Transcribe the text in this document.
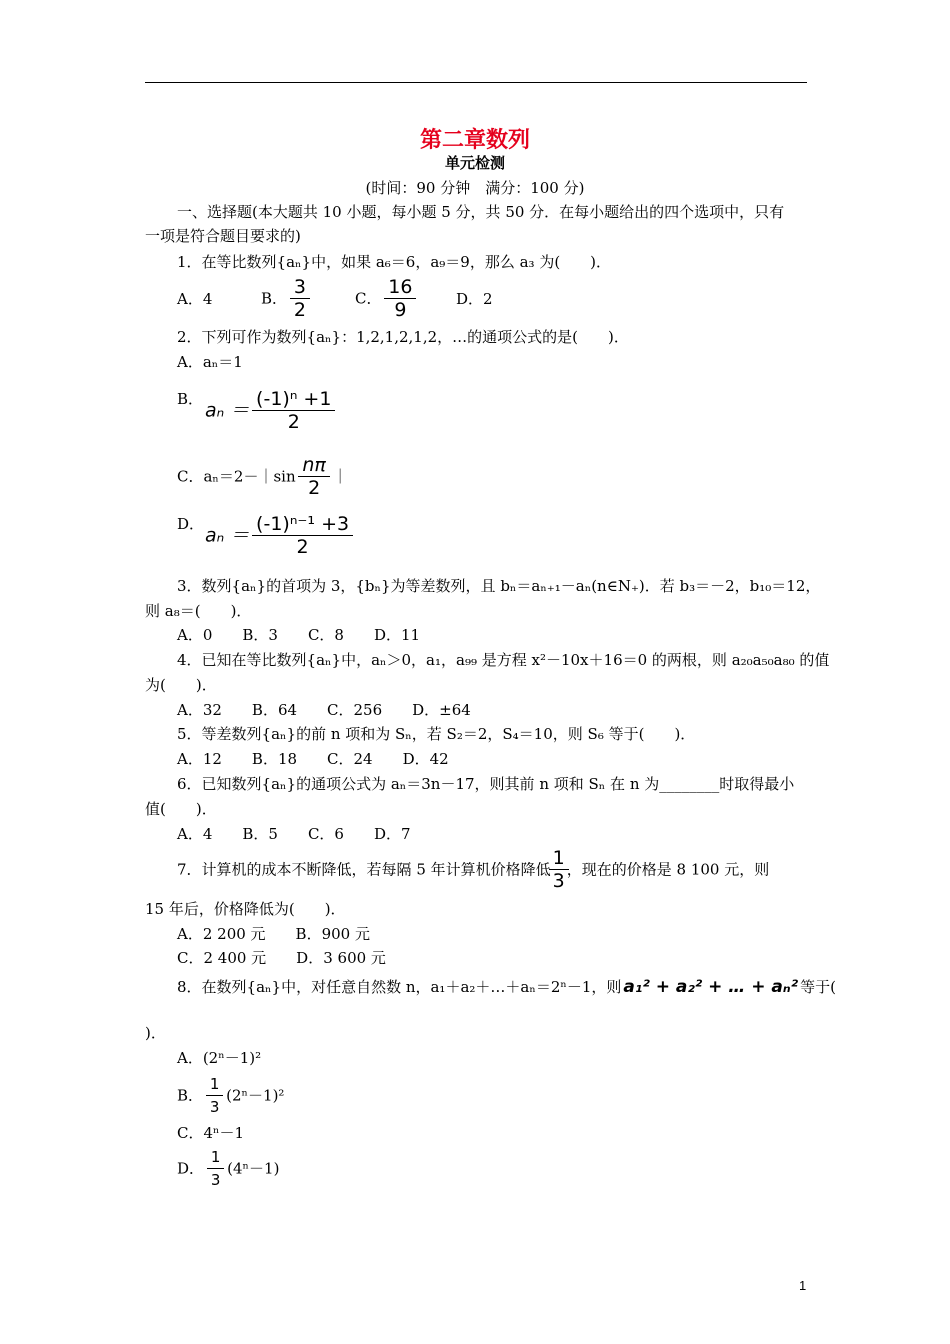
第二章数列
单元检测
(时间：90 分钟　满分：100 分)
一、选择题(本大题共 10 小题，每小题 5 分，共 50 分．在每小题给出的四个选项中，只有
一项是符合题目要求的)
1．在等比数列{aₙ}中，如果 a₆＝6，a₉＝9，那么 a₃ 为(　　)．
A．4	B． $\frac{3}{2}$	C． $\frac{16}{9}$	D．2
2．下列可作为数列{aₙ}：1,2,1,2,1,2，…的通项公式的是(　　)．
A．aₙ＝1
B．
$a_n = \frac{\text{(-1)ⁿ +1}}{2}$
C．aₙ＝2－｜sin $\frac{n\pi}{2}$ ｜
D．
$a_n = \frac{\text{(-1)ⁿ⁻¹ +3}}{2}$
3．数列{aₙ}的首项为 3，{bₙ}为等差数列，且 bₙ＝aₙ₊₁－aₙ(n∈N₊)．若 b₃＝－2，b₁₀＝12，
则 a₈＝(　　)．
A．0　　B．3　　C．8　　D．11
4．已知在等比数列{aₙ}中，aₙ＞0，a₁，a₉₉ 是方程 x²－10x＋16＝0 的两根，则 a₂₀a₅₀a₈₀ 的值
为(　　)．
A．32　　B．64　　C．256　　D．±64
5．等差数列{aₙ}的前 n 项和为 Sₙ，若 S₂＝2，S₄＝10，则 S₆ 等于(　　)．
A．12　　B．18　　C．24　　D．42
6．已知数列{aₙ}的通项公式为 aₙ＝3n－17，则其前 n 项和 Sₙ 在 n 为________时取得最小
值(　　)．
A．4　　B．5　　C．6　　D．7
7．计算机的成本不断降低，若每隔 5 年计算机价格降低 $\frac{1}{3}$ ，现在的价格是 8 100 元，则
15 年后，价格降低为(　　)．
A．2 200 元　　B．900 元
C．2 400 元　　D．3 600 元
8．在数列{aₙ}中，对任意自然数 n，a₁＋a₂＋…＋aₙ＝2ⁿ－1，则 a₁² + a₂² + … + aₙ² 等于(
)．
A．(2ⁿ－1)²
B． $\frac{1}{3} (2^n-1)^2$
C．4ⁿ－1
D． $\frac{1}{3} (4^n-1)$
1
